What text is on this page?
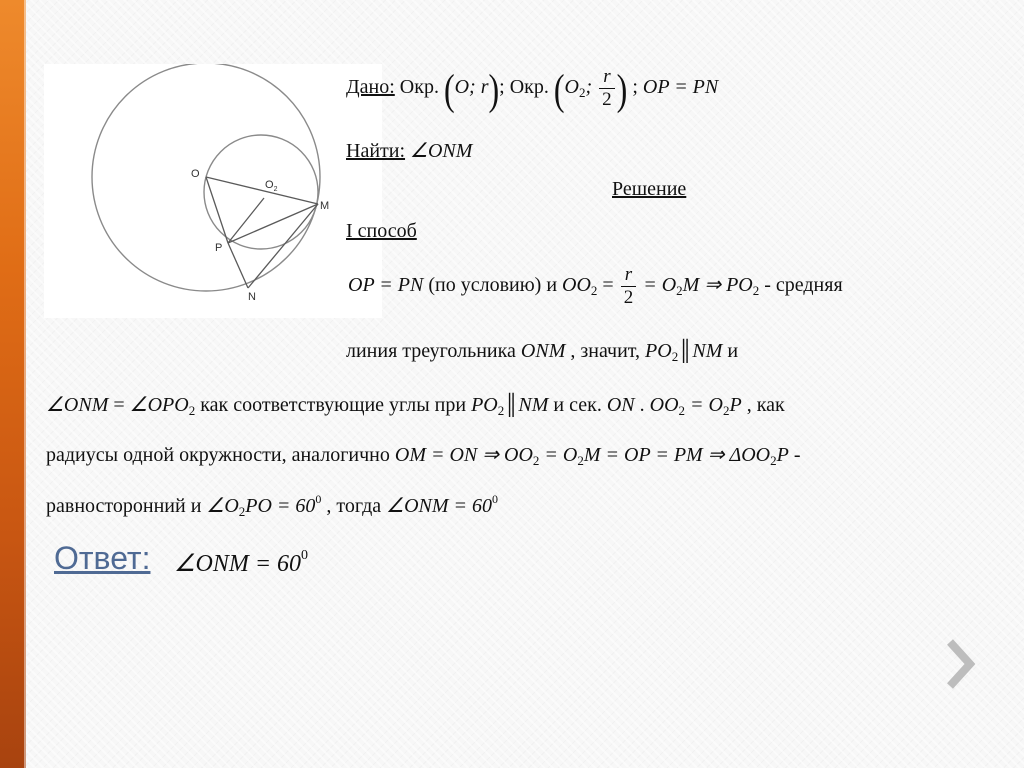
O
$O_2$
M
P
N
Дано: Окр. (O; r); Окр. ($O_2$; $\frac{r}{2}$ ) ; OP = PN
Найти: ∠ONM
Решение
I способ
OP = PN (по условию) и $OO_2 = \frac{r}{2} = O_2M$ ⇒ $PO_2$ - средняя
линия треугольника ONM , значит, $PO_2║NM$ и
∠ONM = $\angle OPO_2$ как соответствующие углы при $PO_2║NM$ и сек. ON . $OO_2 = O_2P$ , как
радиусы одной окружности, аналогично OM = ON ⇒ $OO_2 = O_2M$ = OP = PM ⇒ $\Delta OO_2P$ -
равносторонний и $\angle O_2PO = 60^0$ , тогда ∠ONM = $60^0$
Ответ: ∠ONM = $60^0$
